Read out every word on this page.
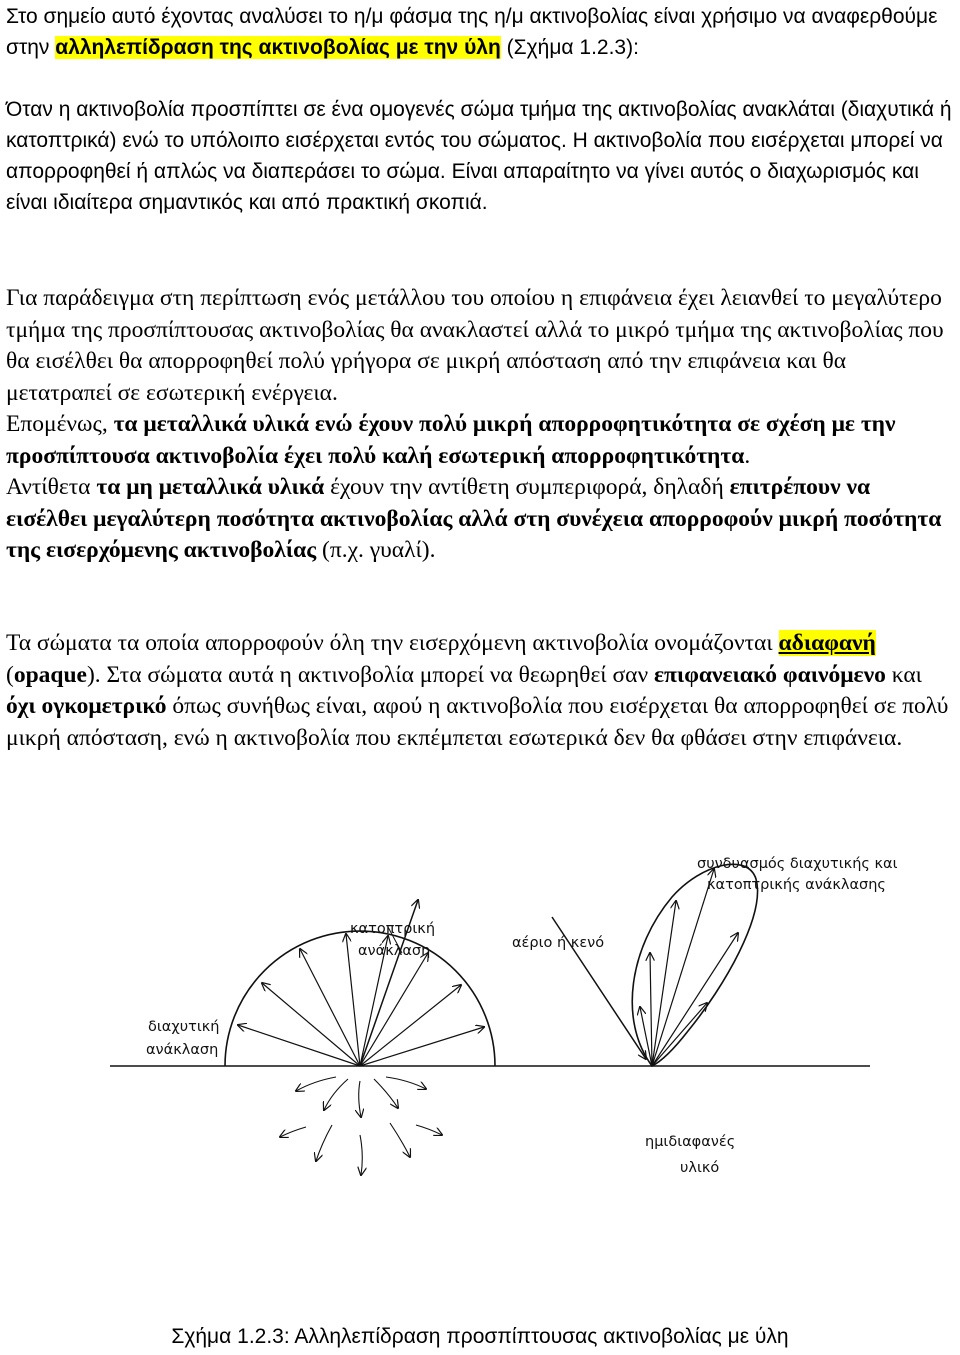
Στο σημείο αυτό έχοντας αναλύσει το η/μ φάσμα της η/μ ακτινοβολίας είναι χρήσιμο να αναφερθούμε στην αλληλεπίδραση της ακτινοβολίας με την ύλη (Σχήμα 1.2.3):

Όταν η ακτινοβολία προσπίπτει σε ένα ομογενές σώμα τμήμα της ακτινοβολίας ανακλάται (διαχυτικά ή κατοπτρικά) ενώ το υπόλοιπο εισέρχεται εντός του σώματος. Η ακτινοβολία που εισέρχεται μπορεί να απορροφηθεί ή απλώς να διαπεράσει το σώμα. Είναι απαραίτητο να γίνει αυτός ο διαχωρισμός και είναι ιδιαίτερα σημαντικός και από πρακτική σκοπιά.

Για παράδειγμα στη περίπτωση ενός μετάλλου του οποίου η επιφάνεια έχει λειανθεί το μεγαλύτερο τμήμα της προσπίπτουσας ακτινοβολίας θα ανακλαστεί αλλά το μικρό τμήμα της ακτινοβολίας που θα εισέλθει θα απορροφηθεί πολύ γρήγορα σε μικρή απόσταση από την επιφάνεια και θα μετατραπεί σε εσωτερική ενέργεια.
Επομένως, τα μεταλλικά υλικά ενώ έχουν πολύ μικρή απορροφητικότητα σε σχέση με την προσπίπτουσα ακτινοβολία έχει πολύ καλή εσωτερική απορροφητικότητα.
Αντίθετα τα μη μεταλλικά υλικά έχουν την αντίθετη συμπεριφορά, δηλαδή επιτρέπουν να εισέλθει μεγαλύτερη ποσότητα ακτινοβολίας αλλά στη συνέχεια απορροφούν μικρή ποσότητα της εισερχόμενης ακτινοβολίας (π.χ. γυαλί).

Τα σώματα τα οποία απορροφούν όλη την εισερχόμενη ακτινοβολία ονομάζονται αδιαφανή (opaque). Στα σώματα αυτά η ακτινοβολία μπορεί να θεωρηθεί σαν επιφανειακό φαινόμενο και όχι ογκομετρικό όπως συνήθως είναι, αφού η ακτινοβολία που εισέρχεται θα απορροφηθεί σε πολύ μικρή απόσταση, ενώ η ακτινοβολία που εκπέμπεται εσωτερικά δεν θα φθάσει στην επιφάνεια.

συνδυασμός διαχυτικής και
κατοπτρικής ανάκλασης
κατοπτρική
ανάκλαση	αέριο ή κενό
διαχυτική
ανάκλαση
ημιδιαφανές
υλικό

Σχήμα 1.2.3: Αλληλεπίδραση προσπίπτουσας ακτινοβολίας με ύλη
